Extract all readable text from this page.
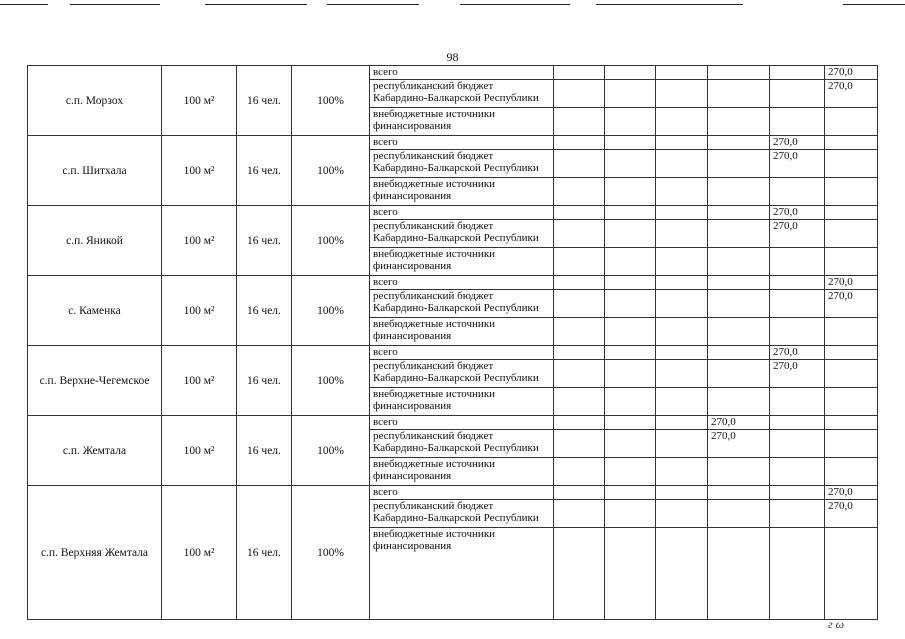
98
с.п. Морзох	100 м²	16 чел.	100%	всего						270,0
				республиканский бюджет Кабардино-Балкарской Республики						270,0
				внебюджетные источники финансирования						
с.п. Шитхала	100 м²	16 чел.	100%	всего					270,0	
				республиканский бюджет Кабардино-Балкарской Республики					270,0	
				внебюджетные источники финансирования						
с.п. Яникой	100 м²	16 чел.	100%	всего					270,0	
				республиканский бюджет Кабардино-Балкарской Республики					270,0	
				внебюджетные источники финансирования						
с. Каменка	100 м²	16 чел.	100%	всего						270,0
				республиканский бюджет Кабардино-Балкарской Республики						270,0
				внебюджетные источники финансирования						
с.п. Верхне-Чегемское	100 м²	16 чел.	100%	всего					270,0	
				республиканский бюджет Кабардино-Балкарской Республики					270,0	
				внебюджетные источники финансирования						
с.п. Жемтала	100 м²	16 чел.	100%	всего				270,0		
				республиканский бюджет Кабардино-Балкарской Республики				270,0		
				внебюджетные источники финансирования						
с.п. Верхняя Жемтала	100 м²	16 чел.	100%	всего						270,0
				республиканский бюджет Кабардино-Балкарской Республики						270,0
				внебюджетные источники финансирования						
г ω
